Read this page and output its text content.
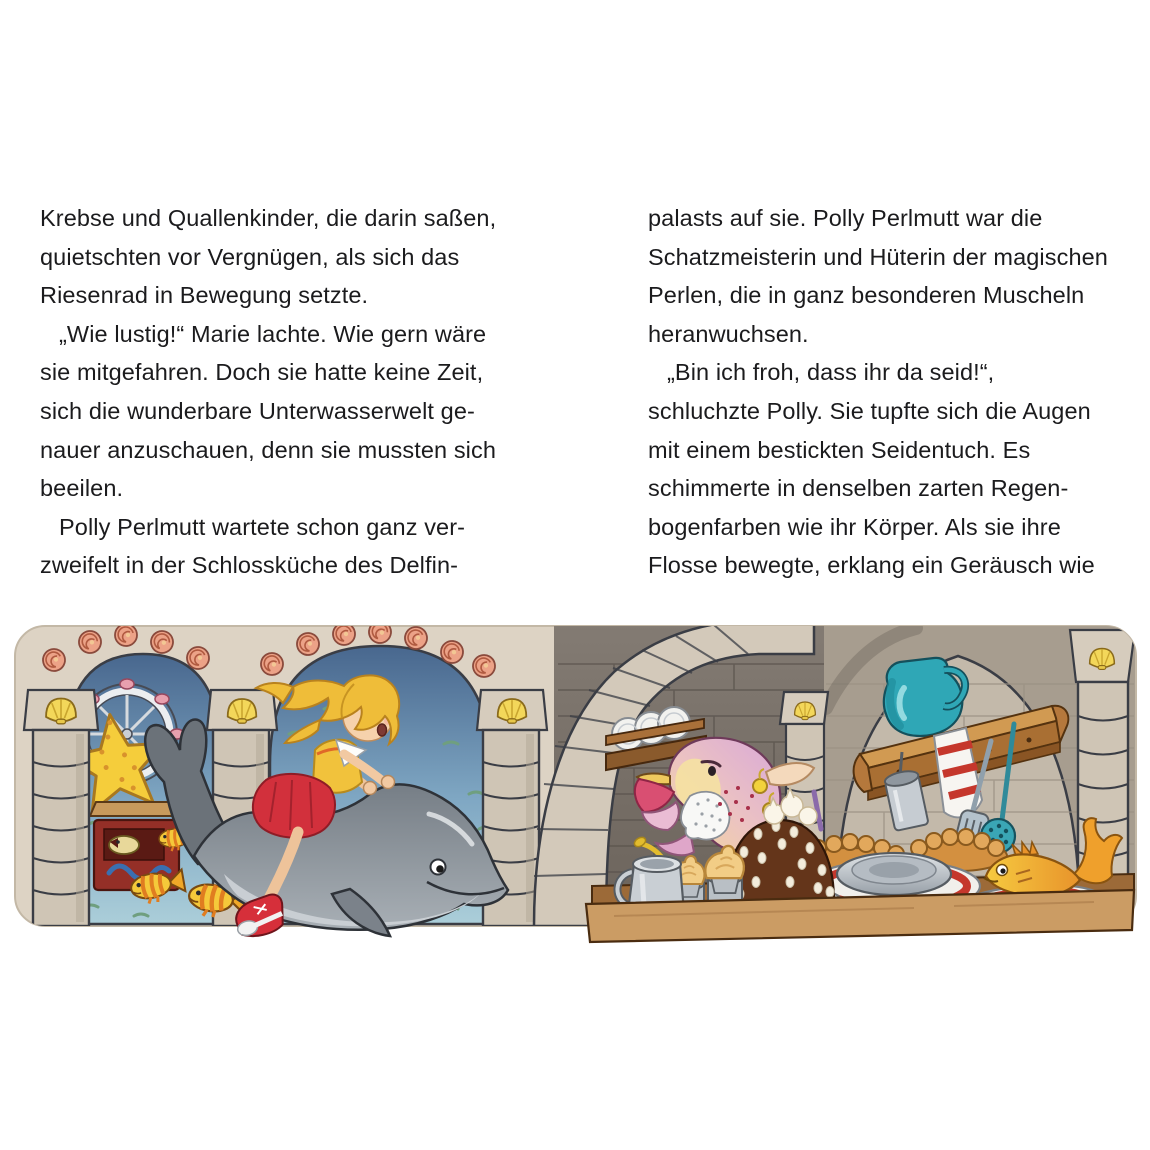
Krebse und Quallenkinder, die darin saßen,
quietschten vor Vergnügen, als sich das
Riesenrad in Bewegung setzte.
„Wie lustig!“ Marie lachte. Wie gern wäre
sie mitgefahren. Doch sie hatte keine Zeit,
sich die wunderbare Unterwasserwelt ge-
nauer anzuschauen, denn sie mussten sich
beeilen.
Polly Perlmutt wartete schon ganz ver-
zweifelt in der Schlossküche des Delfin-
palasts auf sie. Polly Perlmutt war die
Schatzmeisterin und Hüterin der magischen
Perlen, die in ganz besonderen Muscheln
heranwuchsen.
„Bin ich froh, dass ihr da seid!“,
schluchzte Polly. Sie tupfte sich die Augen
mit einem bestickten Seidentuch. Es
schimmerte in denselben zarten Regen-
bogenfarben wie ihr Körper. Als sie ihre
Flosse bewegte, erklang ein Geräusch wie
